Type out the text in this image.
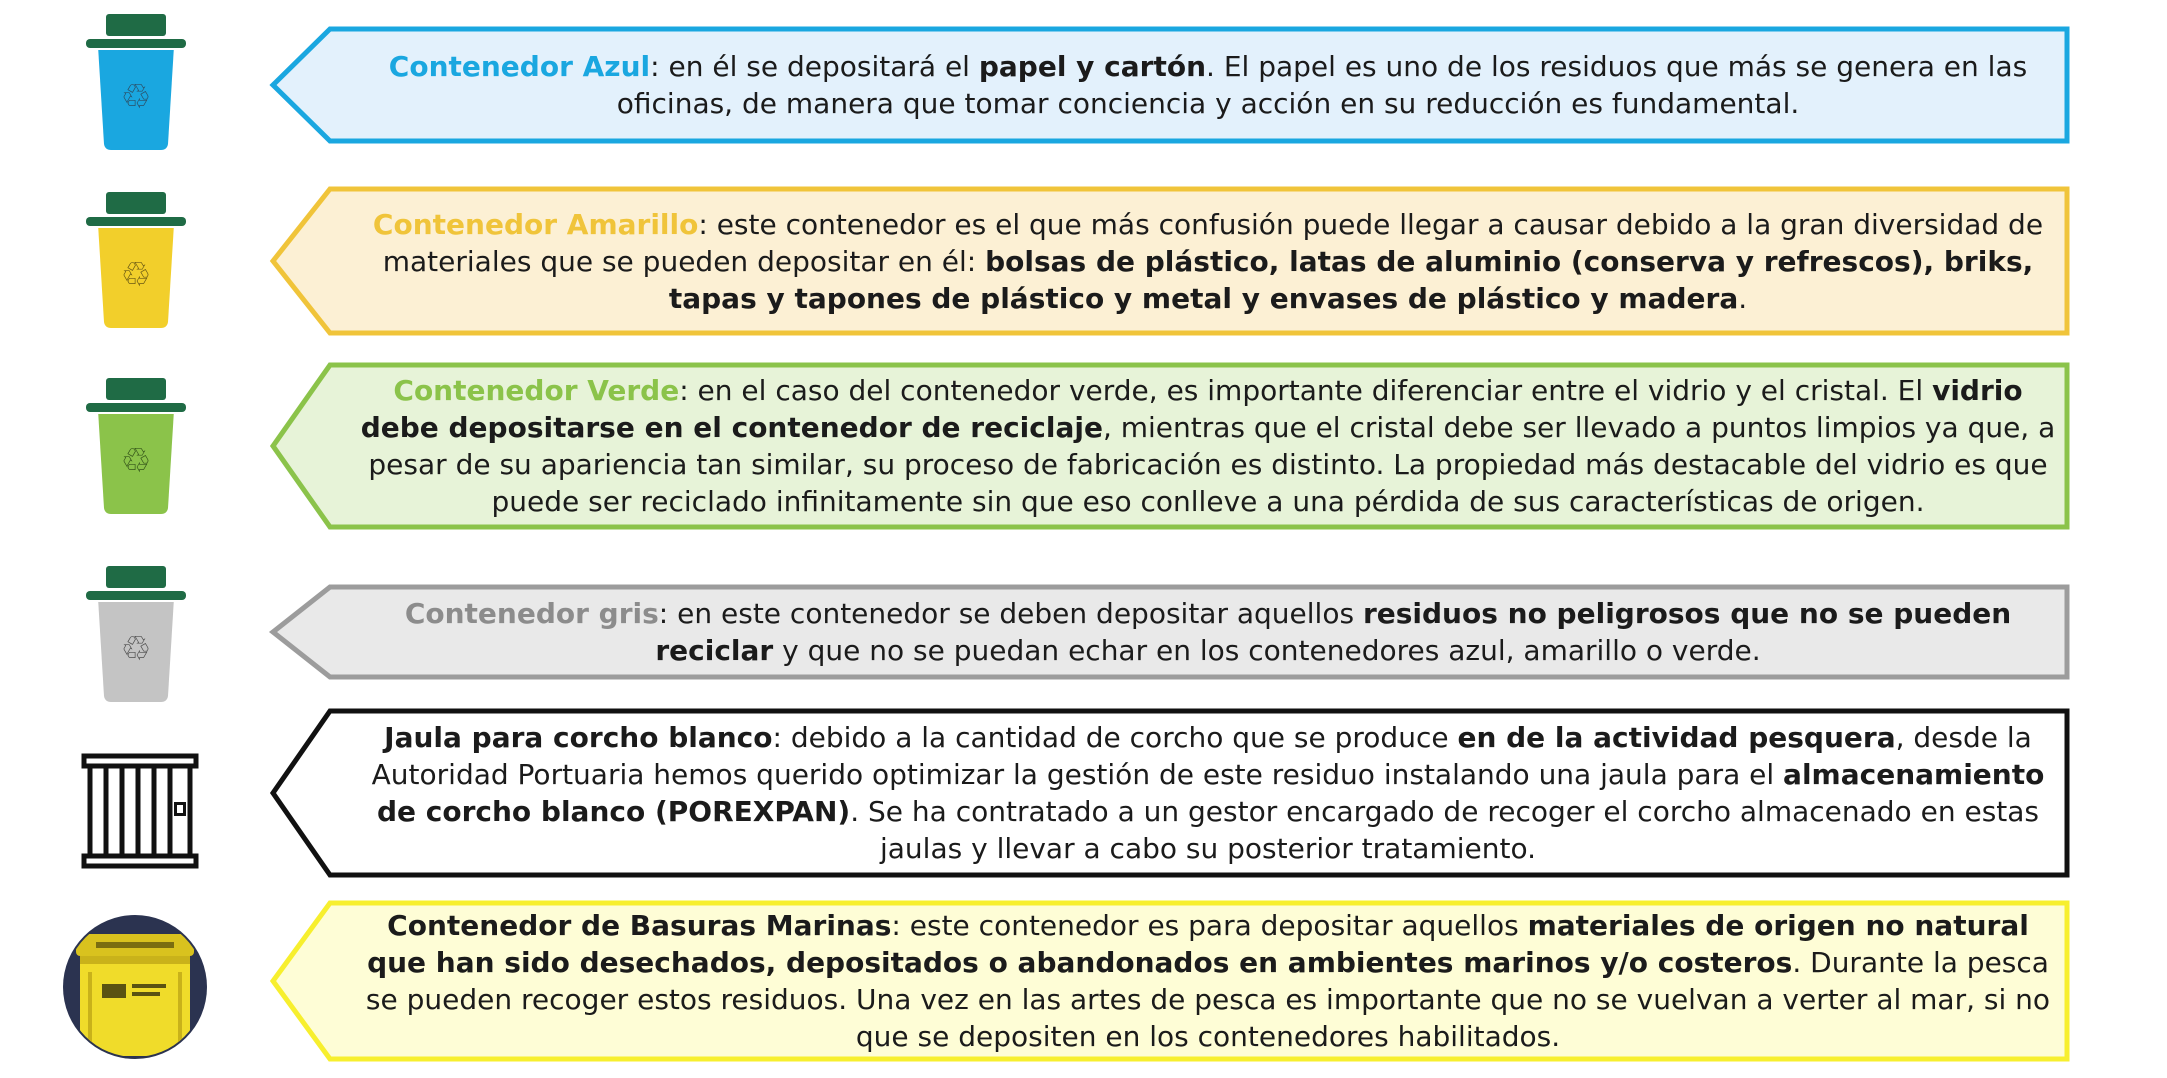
♲

Contenedor Azul: en él se depositará el papel y cartón. El papel es uno de los residuos que más se genera en las oficinas, de manera que tomar conciencia y acción en su reducción es fundamental.

♲

Contenedor Amarillo: este contenedor es el que más confusión puede llegar a causar debido a la gran diversidad de materiales que se pueden depositar en él: bolsas de plástico, latas de aluminio (conserva y refrescos), briks, tapas y tapones de plástico y metal y envases de plástico y madera.

♲

Contenedor Verde: en el caso del contenedor verde, es importante diferenciar entre el vidrio y el cristal. El vidrio debe depositarse en el contenedor de reciclaje, mientras que el cristal debe ser llevado a puntos limpios ya que, a pesar de su apariencia tan similar, su proceso de fabricación es distinto. La propiedad más destacable del vidrio es que puede ser reciclado infinitamente sin que eso conlleve a una pérdida de sus características de origen.

♲

Contenedor gris: en este contenedor se deben depositar aquellos residuos no peligrosos que no se pueden reciclar y que no se puedan echar en los contenedores azul, amarillo o verde.

Jaula para corcho blanco: debido a la cantidad de corcho que se produce en de la actividad pesquera, desde la Autoridad Portuaria hemos querido optimizar la gestión de este residuo instalando una jaula para el almacenamiento de corcho blanco (POREXPAN). Se ha contratado a un gestor encargado de recoger el corcho almacenado en estas jaulas y llevar a cabo su posterior tratamiento.

Contenedor de Basuras Marinas: este contenedor es para depositar aquellos materiales de origen no natural que han sido desechados, depositados o abandonados en ambientes marinos y/o costeros. Durante la pesca se pueden recoger estos residuos. Una vez en las artes de pesca es importante que no se vuelvan a verter al mar, si no que se depositen en los contenedores habilitados.
